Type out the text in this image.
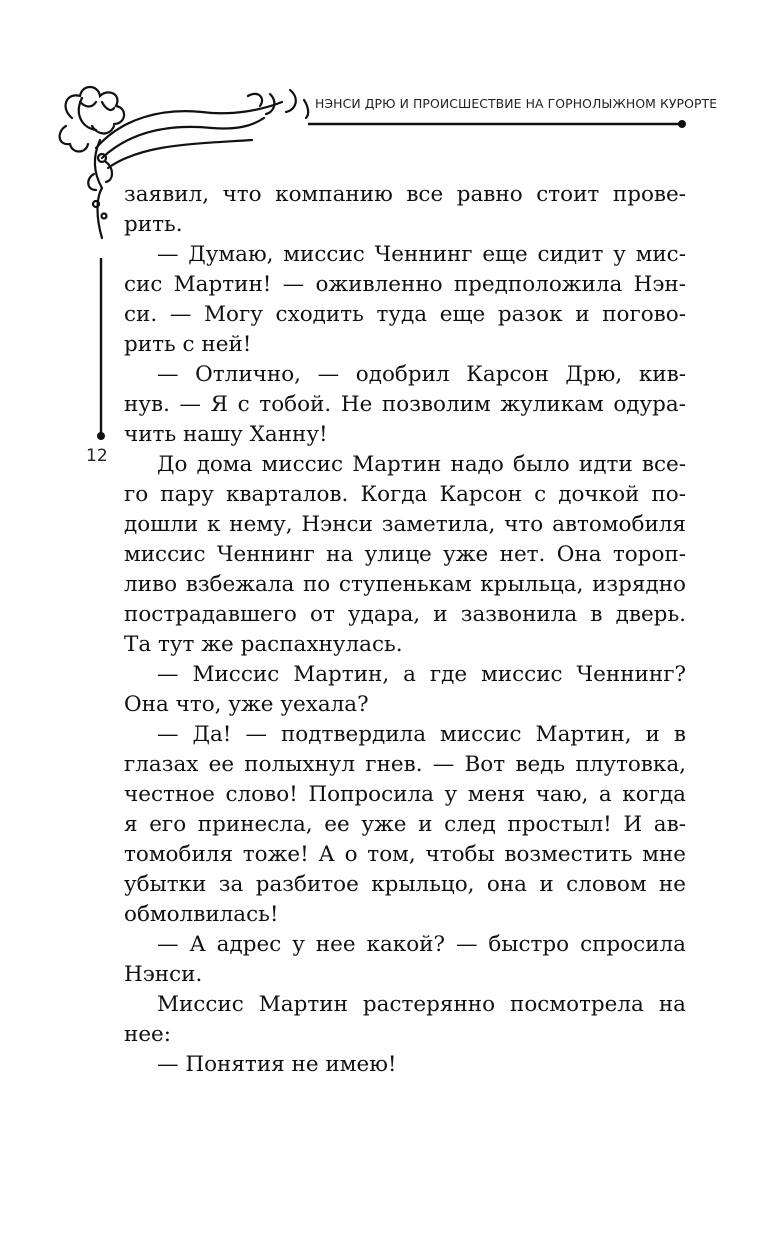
НЭНСИ ДРЮ И ПРОИСШЕСТВИЕ НА ГОРНОЛЫЖНОМ КУРОРТЕ
12

заявил, что компанию все равно стоит прове-
рить.

— Думаю, миссис Ченнинг еще сидит у мис-
сис Мартин! — оживленно предположила Нэн-
си. — Могу сходить туда еще разок и погово-
рить с ней!

— Отлично, — одобрил Карсон Дрю, кив-
нув. — Я с тобой. Не позволим жуликам одура-
чить нашу Ханну!

До дома миссис Мартин надо было идти все-
го пару кварталов. Когда Карсон с дочкой по-
дошли к нему, Нэнси заметила, что автомобиля
миссис Ченнинг на улице уже нет. Она тороп-
ливо взбежала по ступенькам крыльца, изрядно
пострадавшего от удара, и зазвонила в дверь.
Та тут же распахнулась.

— Миссис Мартин, а где миссис Ченнинг?
Она что, уже уехала?

— Да! — подтвердила миссис Мартин, и в
глазах ее полыхнул гнев. — Вот ведь плутовка,
честное слово! Попросила у меня чаю, а когда
я его принесла, ее уже и след простыл! И ав-
томобиля тоже! А о том, чтобы возместить мне
убытки за разбитое крыльцо, она и словом не
обмолвилась!

— А адрес у нее какой? — быстро спросила
Нэнси.

Миссис Мартин растерянно посмотрела на
нее:

— Понятия не имею!
